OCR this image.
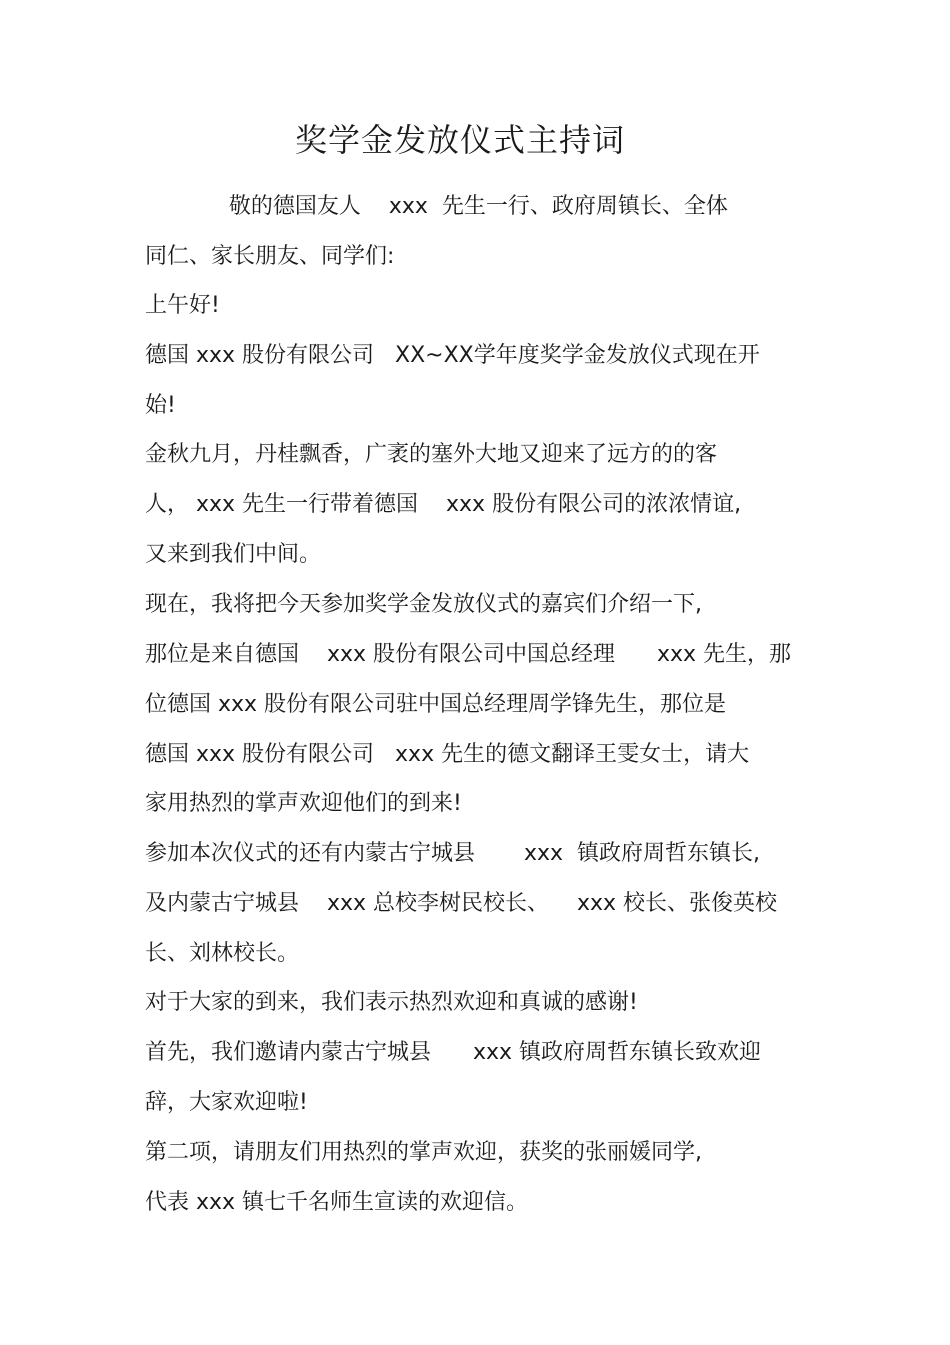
奖学金发放仪式主持词
敬的德国友人    xxx  先生一行、政府周镇长、全体
同仁、家长朋友、同学们:
上午好!
德国 xxx 股份有限公司   XX~XX学年度奖学金发放仪式现在开
始!
金秋九月，丹桂飘香，广袤的塞外大地又迎来了远方的的客
人， xxx 先生一行带着德国    xxx 股份有限公司的浓浓情谊,
又来到我们中间。
现在，我将把今天参加奖学金发放仪式的嘉宾们介绍一下,
那位是来自德国    xxx 股份有限公司中国总经理      xxx 先生，那
位德国 xxx 股份有限公司驻中国总经理周学锋先生，那位是
德国 xxx 股份有限公司   xxx 先生的德文翻译王雯女士，请大
家用热烈的掌声欢迎他们的到来!
参加本次仪式的还有内蒙古宁城县       xxx  镇政府周哲东镇长,
及内蒙古宁城县    xxx 总校李树民校长、    xxx 校长、张俊英校
长、刘林校长。
对于大家的到来，我们表示热烈欢迎和真诚的感谢!
首先，我们邀请内蒙古宁城县      xxx 镇政府周哲东镇长致欢迎
辞，大家欢迎啦!
第二项，请朋友们用热烈的掌声欢迎，获奖的张丽媛同学,
代表 xxx 镇七千名师生宣读的欢迎信。
